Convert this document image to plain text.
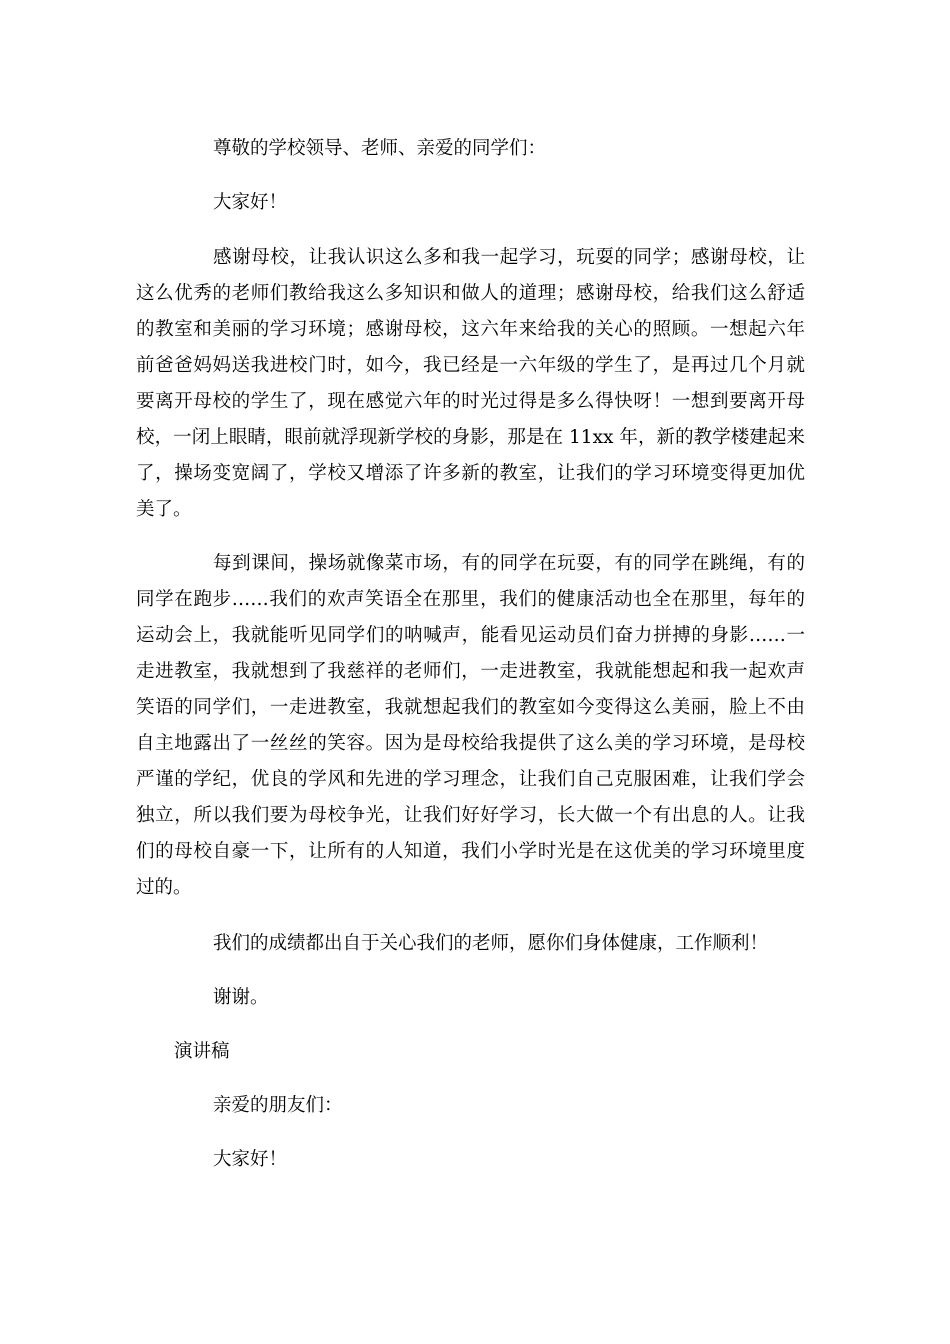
尊敬的学校领导、老师、亲爱的同学们：

大家好！

感谢母校，让我认识这么多和我一起学习，玩耍的同学；感谢母校，让

这么优秀的老师们教给我这么多知识和做人的道理；感谢母校，给我们这么舒适

的教室和美丽的学习环境；感谢母校，这六年来给我的关心的照顾。一想起六年

前爸爸妈妈送我进校门时，如今，我已经是一六年级的学生了，是再过几个月就

要离开母校的学生了，现在感觉六年的时光过得是多么得快呀！一想到要离开母

校，一闭上眼睛，眼前就浮现新学校的身影，那是在 11xx 年，新的教学楼建起来

了，操场变宽阔了，学校又增添了许多新的教室，让我们的学习环境变得更加优

美了。

每到课间，操场就像菜市场，有的同学在玩耍，有的同学在跳绳，有的

同学在跑步……我们的欢声笑语全在那里，我们的健康活动也全在那里，每年的

运动会上，我就能听见同学们的呐喊声，能看见运动员们奋力拼搏的身影……一

走进教室，我就想到了我慈祥的老师们，一走进教室，我就能想起和我一起欢声

笑语的同学们，一走进教室，我就想起我们的教室如今变得这么美丽，脸上不由

自主地露出了一丝丝的笑容。因为是母校给我提供了这么美的学习环境，是母校

严谨的学纪，优良的学风和先进的学习理念，让我们自己克服困难，让我们学会

独立，所以我们要为母校争光，让我们好好学习，长大做一个有出息的人。让我

们的母校自豪一下，让所有的人知道，我们小学时光是在这优美的学习环境里度

过的。

我们的成绩都出自于关心我们的老师，愿你们身体健康，工作顺利！

谢谢。

演讲稿

亲爱的朋友们：

大家好！
